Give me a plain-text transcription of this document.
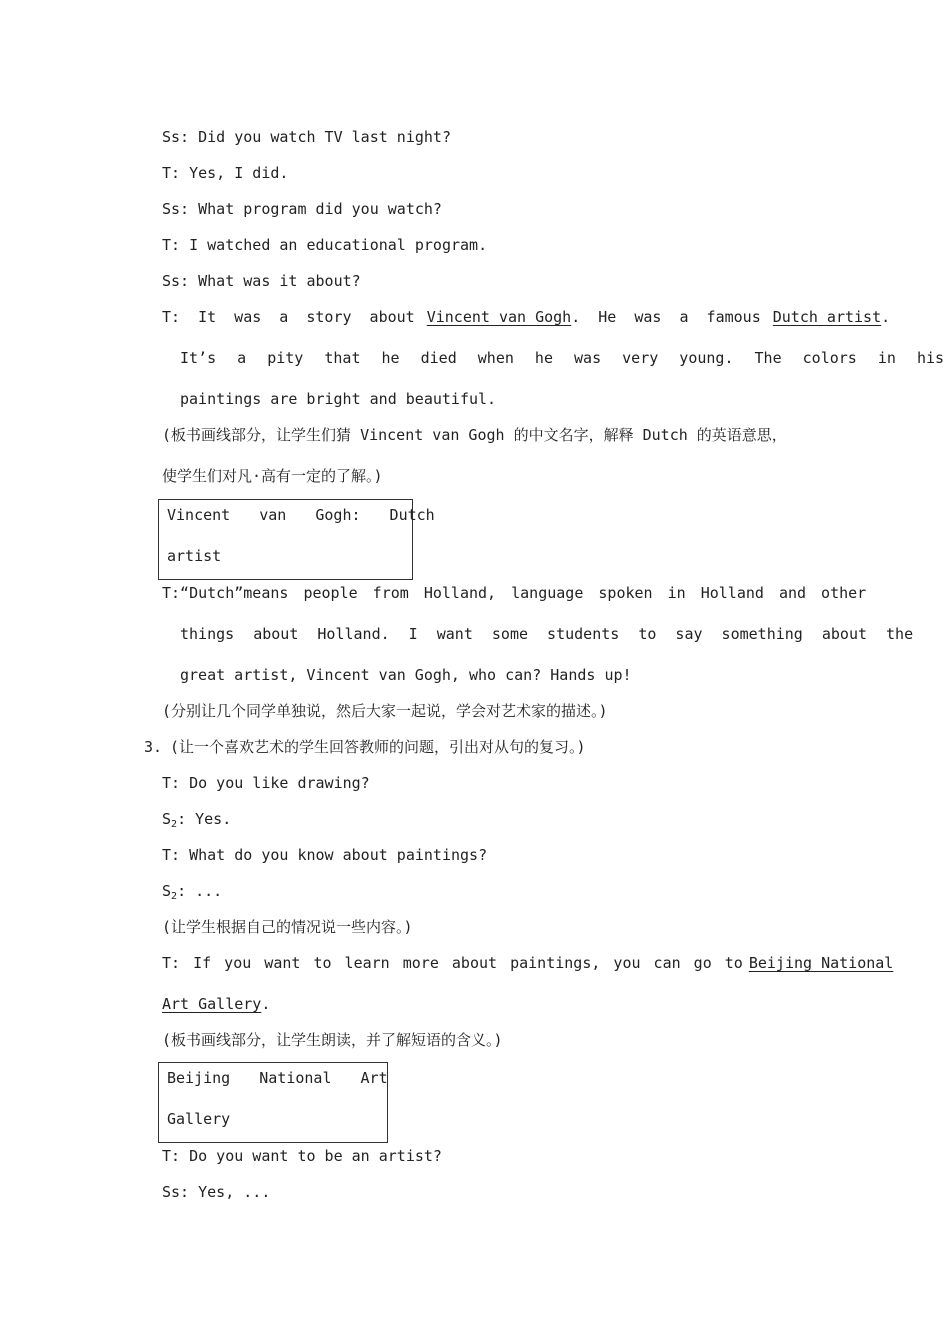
Ss: Did you watch TV last night?
T: Yes, I did.
Ss: What program did you watch?
T: I watched an educational program.
Ss: What was it about?
T: It was a story about Vincent van Gogh. He was a famous Dutch artist.
It’s a pity that he died when he was very young. The colors in his
paintings are bright and beautiful.
(板书画线部分，让学生们猜 Vincent van Gogh 的中文名字，解释 Dutch 的英语意思，
使学生们对凡·高有一定的了解。)
Vincent van Gogh: Dutch
artist
T:“Dutch”means people from Holland, language spoken in Holland and other
things about Holland. I want some students to say something about the
great artist, Vincent van Gogh, who can? Hands up!
(分别让几个同学单独说，然后大家一起说，学会对艺术家的描述。)
3. (让一个喜欢艺术的学生回答教师的问题，引出对从句的复习。)
T: Do you like drawing?
$S_2$: Yes.
T: What do you know about paintings?
$S_2$: ...
(让学生根据自己的情况说一些内容。)
T: If you want to learn more about paintings, you can go to Beijing National
Art Gallery.
(板书画线部分，让学生朗读，并了解短语的含义。)
Beijing National Art
Gallery
T: Do you want to be an artist?
Ss: Yes, ...
